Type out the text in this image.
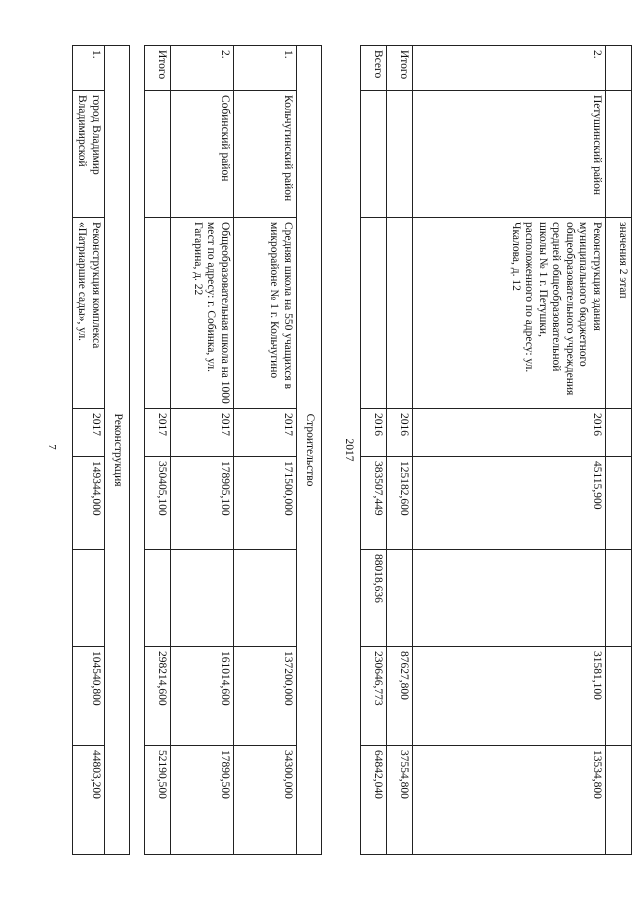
7
		значения 2 этап					
2.	Петушинский район	Реконструкция здания муниципального бюджетного общеобразовательного учреждения средней общеобразовательной школы № 1 г. Петушки, расположенного по адресу: ул. Чкалова, д. 12	2016	45115,900		31581,100	13534,800
Итого			2016	125182,600		87627,800	37554,800
Всего			2016	383507,449	88018,636	230646,773	64842,040
2017							

Строительство							
1.	Кольчугинский район	Средняя школа на 550 учащихся в микрорайоне № 1 г. Кольчугино	2017	171500,000		137200,000	34300,000
2.	Собинский район	Общеобразовательная школа на 1000 мест по адресу: г. Собинка, ул. Гагарина, д. 22	2017	178905,100		161014,600	17890,500
Итого			2017	350405,100		298214,600	52190,500

Реконструкция							
1.	город Владимир Владимирской	Реконструкция комплекса «Патриаршие сады», ул.	2017	149344,000		104540,800	44803,200
